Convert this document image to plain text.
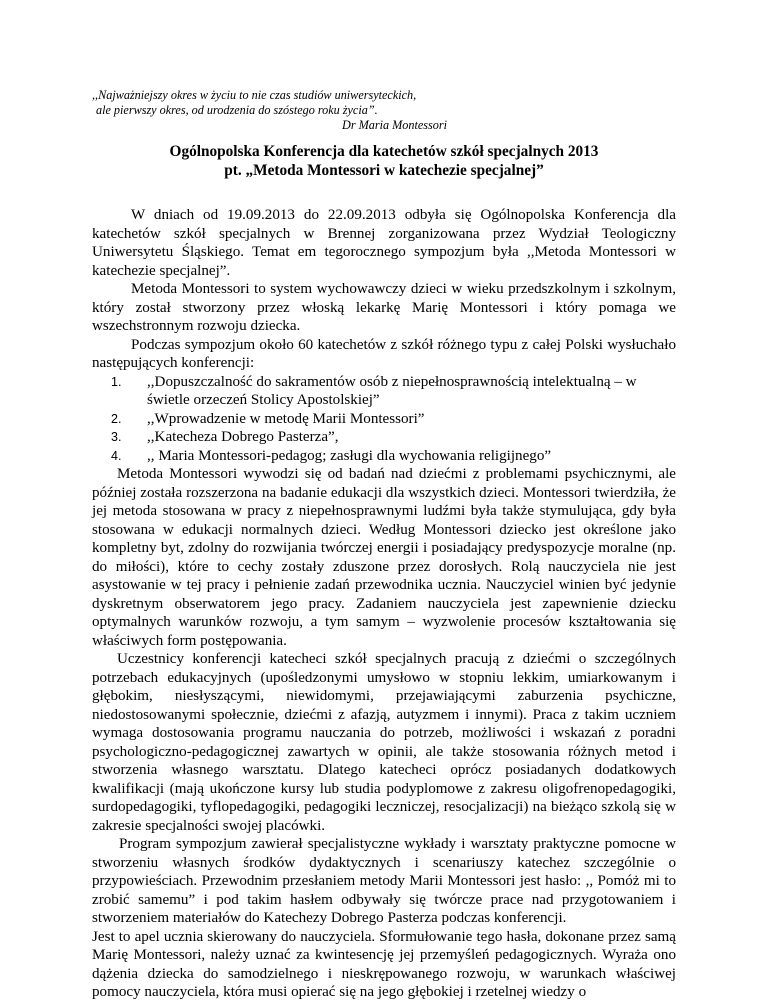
,,Najważniejszy okres w życiu to nie czas studiów uniwersyteckich,
ale pierwszy okres, od urodzenia do szóstego roku życia”.
Dr Maria Montessori
Ogólnopolska Konferencja dla katechetów szkół specjalnych 2013
pt. „Metoda Montessori w katechezie specjalnej”

W dniach od 19.09.2013 do 22.09.2013 odbyła się Ogólnopolska Konferencja dla katechetów szkół specjalnych w Brennej zorganizowana przez Wydział Teologiczny Uniwersytetu Śląskiego. Temat em tegorocznego sympozjum była ,,Metoda Montessori w katechezie specjalnej”.

Metoda Montessori to system wychowawczy dzieci w wieku przedszkolnym i szkolnym, który został stworzony przez włoską lekarkę Marię Montessori i który pomaga we wszechstronnym rozwoju dziecka.

Podczas sympozjum około 60 katechetów z szkół różnego typu z całej Polski wysłuchało następujących konferencji:

1. ,,Dopuszczalność do sakramentów osób z niepełnosprawnością intelektualną – w świetle orzeczeń Stolicy Apostolskiej”
2. ,,Wprowadzenie w metodę Marii Montessori”
3. ,,Katecheza Dobrego Pasterza”,
4. ,, Maria Montessori-pedagog; zasługi dla wychowania religijnego”

Metoda Montessori wywodzi się od badań nad dziećmi z problemami psychicznymi, ale później została rozszerzona na badanie edukacji dla wszystkich dzieci. Montessori twierdziła, że jej metoda stosowana w pracy z niepełnosprawnymi ludźmi była także stymulująca, gdy była stosowana w edukacji normalnych dzieci. Według Montessori dziecko jest określone jako kompletny byt, zdolny do rozwijania twórczej energii i posiadający predyspozycje moralne (np. do miłości), które to cechy zostały zduszone przez dorosłych. Rolą nauczyciela nie jest asystowanie w tej pracy i pełnienie zadań przewodnika ucznia. Nauczyciel winien być jedynie dyskretnym obserwatorem jego pracy. Zadaniem nauczyciela jest zapewnienie dziecku optymalnych warunków rozwoju, a tym samym – wyzwolenie procesów kształtowania się właściwych form postępowania.

Uczestnicy konferencji katecheci szkół specjalnych pracują z dziećmi o szczególnych potrzebach edukacyjnych (upośledzonymi umysłowo w stopniu lekkim, umiarkowanym i głębokim, niesłyszącymi, niewidomymi, przejawiającymi zaburzenia psychiczne, niedostosowanymi społecznie, dziećmi z afazją, autyzmem i innymi). Praca z takim uczniem wymaga dostosowania programu nauczania do potrzeb, możliwości i wskazań z poradni psychologiczno-pedagogicznej zawartych w opinii, ale także stosowania różnych metod i stworzenia własnego warsztatu. Dlatego katecheci oprócz posiadanych dodatkowych kwalifikacji (mają ukończone kursy lub studia podyplomowe z zakresu oligofrenopedagogiki, surdopedagogiki, tyflopedagogiki, pedagogiki leczniczej, resocjalizacji) na bieżąco szkolą się w zakresie specjalności swojej placówki.

Program sympozjum zawierał specjalistyczne wykłady i warsztaty praktyczne pomocne w stworzeniu własnych środków dydaktycznych i scenariuszy katechez szczególnie o przypowieściach. Przewodnim przesłaniem metody Marii Montessori jest hasło: ,, Pomóż mi to zrobić samemu” i pod takim hasłem odbywały się twórcze prace nad przygotowaniem i stworzeniem materiałów do Katechezy Dobrego Pasterza podczas konferencji.

Jest to apel ucznia skierowany do nauczyciela. Sformułowanie tego hasła, dokonane przez samą Marię Montessori, należy uznać za kwintesencję jej przemyśleń pedagogicznych. Wyraża ono dążenia dziecka do samodzielnego i nieskrępowanego rozwoju, w warunkach właściwej pomocy nauczyciela, która musi opierać się na jego głębokiej i rzetelnej wiedzy o
